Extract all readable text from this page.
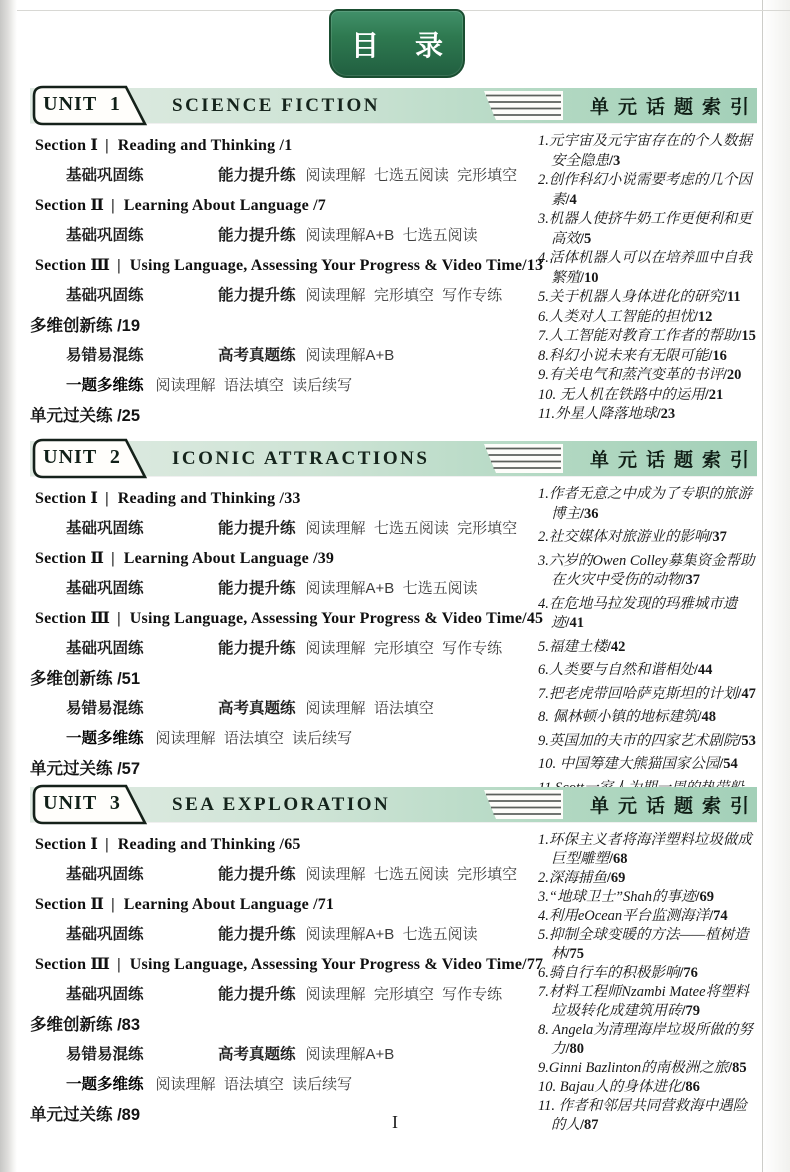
目　录
UNIT 1	SCIENCE FICTION	单元话题索引
Section Ⅰ | Reading and Thinking /1
基础巩固练	能力提升练 阅读理解  七选五阅读  完形填空
Section Ⅱ | Learning About Language /7
基础巩固练	能力提升练 阅读理解A+B  七选五阅读
Section Ⅲ | Using Language, Assessing Your Progress & Video Time/13
基础巩固练	能力提升练 阅读理解  完形填空  写作专练
多维创新练 /19
易错易混练	高考真题练 阅读理解A+B
一题多维练 阅读理解  语法填空  读后续写
单元过关练 /25
1.元宇宙及元宇宙存在的个人数据安全隐患/3
2.创作科幻小说需要考虑的几个因素/4
3.机器人使挤牛奶工作更便利和更高效/5
4.活体机器人可以在培养皿中自我繁殖/10
5.关于机器人身体进化的研究/11
6.人类对人工智能的担忧/12
7.人工智能对教育工作者的帮助/15
8.科幻小说未来有无限可能/16
9.有关电气和蒸汽变革的书评/20
10. 无人机在铁路中的运用/21
11.外星人降落地球/23
UNIT 2	ICONIC ATTRACTIONS	单元话题索引
Section Ⅰ | Reading and Thinking /33
基础巩固练	能力提升练 阅读理解  七选五阅读  完形填空
Section Ⅱ | Learning About Language /39
基础巩固练	能力提升练 阅读理解A+B  七选五阅读
Section Ⅲ | Using Language, Assessing Your Progress & Video Time/45
基础巩固练	能力提升练 阅读理解  完形填空  写作专练
多维创新练 /51
易错易混练	高考真题练 阅读理解  语法填空
一题多维练 阅读理解  语法填空  读后续写
单元过关练 /57
1.作者无意之中成为了专职的旅游博主/36
2.社交媒体对旅游业的影响/37
3.六岁的Owen Colley募集资金帮助在火灾中受伤的动物/37
4.在危地马拉发现的玛雅城市遗迹/41
5.福建土楼/42
6.人类要与自然和谐相处/44
7.把老虎带回哈萨克斯坦的计划/47
8. 佩林顿小镇的地标建筑/48
9.英国加的夫市的四家艺术剧院/53
10. 中国筹建大熊猫国家公园/54
UNIT 3	SEA EXPLORATION	单元话题索引
Section Ⅰ | Reading and Thinking /65
基础巩固练	能力提升练 阅读理解  七选五阅读  完形填空
Section Ⅱ | Learning About Language /71
基础巩固练	能力提升练 阅读理解A+B  七选五阅读
Section Ⅲ | Using Language, Assessing Your Progress & Video Time/77
基础巩固练	能力提升练 阅读理解  完形填空  写作专练
多维创新练 /83
易错易混练	高考真题练 阅读理解A+B
一题多维练 阅读理解  语法填空  读后续写
单元过关练 /89
1.环保主义者将海洋塑料垃圾做成巨型雕塑/68
2.深海捕鱼/69
3.“地球卫士”Shah的事迹/69
4.利用eOcean平台监测海洋/74
5.抑制全球变暖的方法——植树造林/75
6.骑自行车的积极影响/76
7.材料工程师Nzambi Matee将塑料垃圾转化成建筑用砖/79
8. Angela为清理海岸垃圾所做的努力/80
9.Ginni Bazlinton的南极洲之旅/85
10. Bajau人的身体进化/86
11. 作者和邻居共同营救海中遇险的人/87
I
